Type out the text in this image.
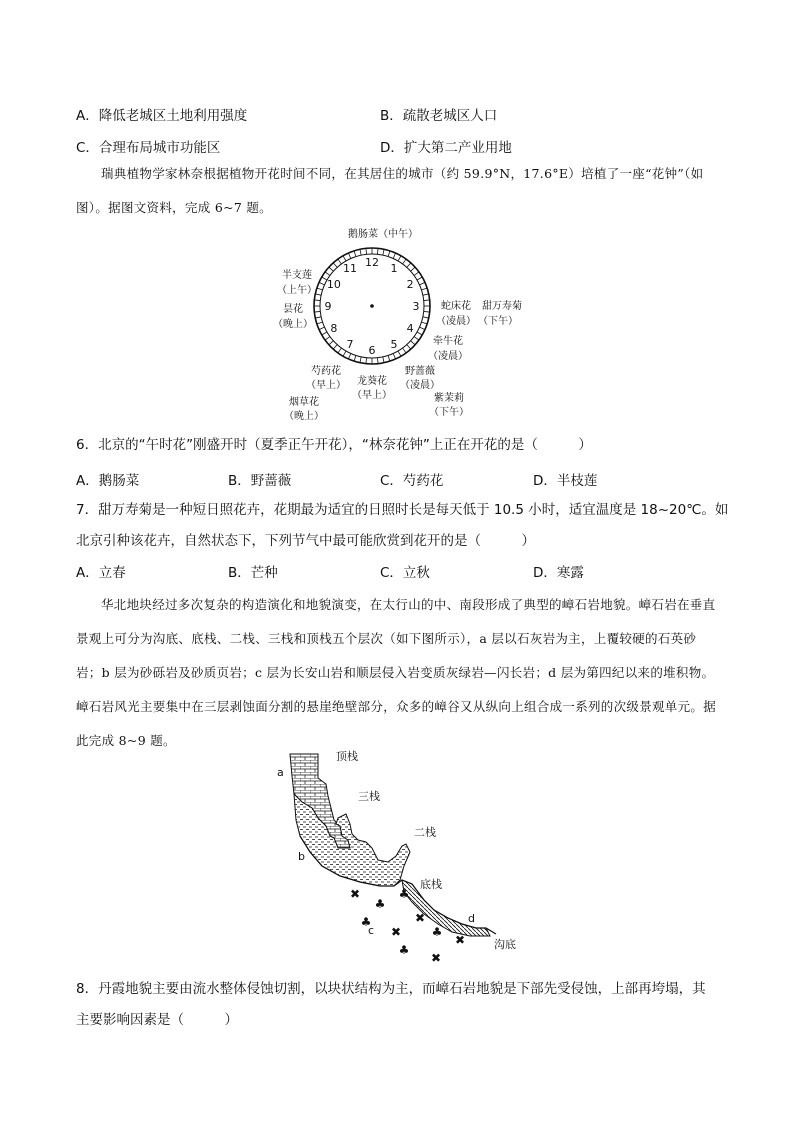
A．降低老城区土地利用强度	B．疏散老城区人口
C．合理布局城市功能区	D．扩大第二产业用地
瑞典植物学家林奈根据植物开花时间不同，在其居住的城市（约 59.9°N，17.6°E）培植了一座“花钟”（如图）。据图文资料，完成 6~7 题。
12 1
2
3
4
5
6
7
8
9
10
11
鹅肠菜（中午）
半支莲
（上午）
昙花
（晚上）
蛇床花
（凌晨）
甜万寿菊
（下午）
牵牛花
（凌晨）
芍药花
（早上） 龙葵花
（早上）
野蔷薇
（凌晨）
烟草花
（晚上）
紫茉莉
（下午）
6．北京的“午时花”刚盛开时（夏季正午开花），“林奈花钟”上正在开花的是（　　　）
A．鹅肠菜	B．野蔷薇	C．芍药花	D．半枝莲
7．甜万寿菊是一种短日照花卉，花期最为适宜的日照时长是每天低于 10.5 小时，适宜温度是 18~20℃。如
北京引种该花卉，自然状态下，下列节气中最可能欣赏到花开的是（　　　）
A．立春	B．芒种	C．立秋	D．寒露
华北地块经过多次复杂的构造演化和地貌演变，在太行山的中、南段形成了典型的嶂石岩地貌。嶂石岩在垂直景观上可分为沟底、底栈、二栈、三栈和顶栈五个层次（如下图所示），a 层以石灰岩为主，上覆较硬的石英砂岩；b 层为砂砾岩及砂质页岩；c 层为长安山岩和顺层侵入岩变质灰绿岩—闪长岩；d 层为第四纪以来的堆积物。嶂石岩风光主要集中在三层剥蚀面分割的悬崖绝壁部分，众多的嶂谷又从纵向上组合成一系列的次级景观单元。据此完成 8~9 题。
✖
♣
♣
♣
✖
✖
♣
✖
♣
✖
顶栈
三栈
二栈
底栈
沟底
a
b
c
d
8．丹霞地貌主要由流水整体侵蚀切割，以块状结构为主，而嶂石岩地貌是下部先受侵蚀，上部再垮塌，其
主要影响因素是（　　　）
